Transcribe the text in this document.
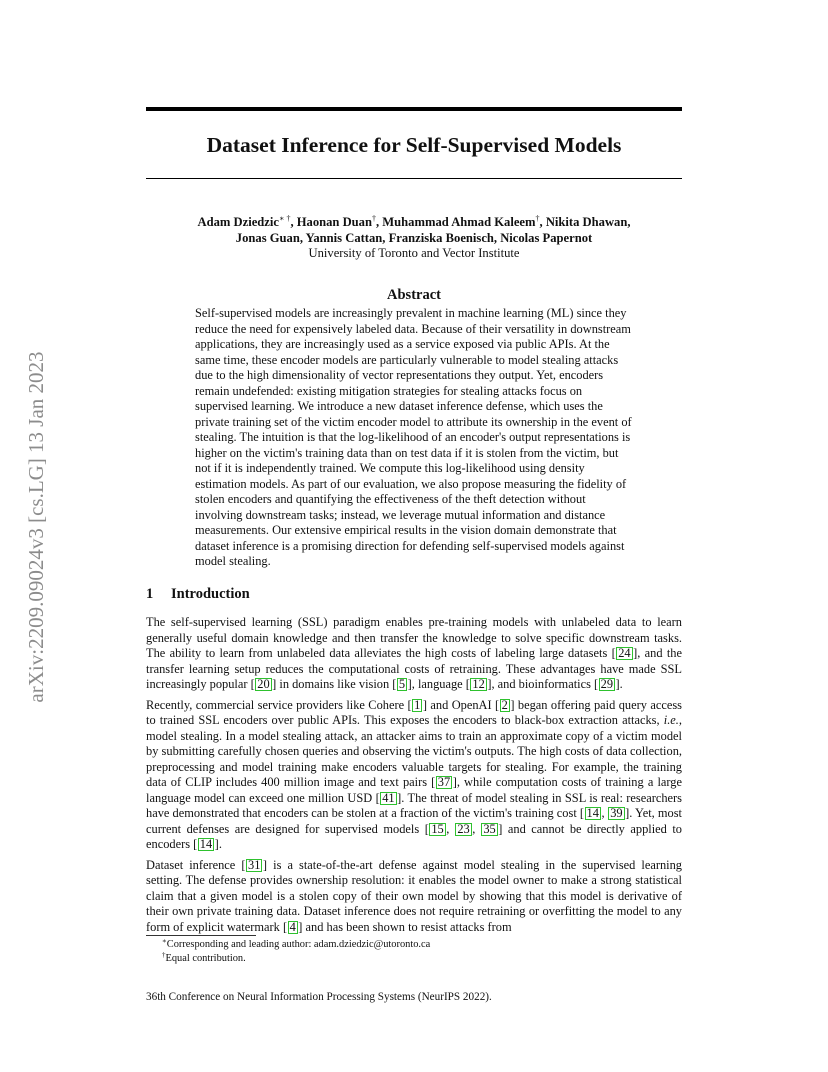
arXiv:2209.09024v3 [cs.LG] 13 Jan 2023
Dataset Inference for Self-Supervised Models
Adam Dziedzic∗ †, Haonan Duan†, Muhammad Ahmad Kaleem†, Nikita Dhawan,
Jonas Guan, Yannis Cattan, Franziska Boenisch, Nicolas Papernot
University of Toronto and Vector Institute
Abstract

Self-supervised models are increasingly prevalent in machine learning (ML) since they reduce the need for expensively labeled data. Because of their versatility in downstream applications, they are increasingly used as a service exposed via public APIs. At the same time, these encoder models are particularly vulnerable to model stealing attacks due to the high dimensionality of vector representations they output. Yet, encoders remain undefended: existing mitigation strategies for stealing attacks focus on supervised learning. We introduce a new dataset inference defense, which uses the private training set of the victim encoder model to attribute its ownership in the event of stealing. The intuition is that the log-likelihood of an encoder's output representations is higher on the victim's training data than on test data if it is stolen from the victim, but not if it is independently trained. We compute this log-likelihood using density estimation models. As part of our evaluation, we also propose measuring the fidelity of stolen encoders and quantifying the effectiveness of the theft detection without involving downstream tasks; instead, we leverage mutual information and distance measurements. Our extensive empirical results in the vision domain demonstrate that dataset inference is a promising direction for defending self-supervised models against model stealing.

1 Introduction

The self-supervised learning (SSL) paradigm enables pre-training models with unlabeled data to learn generally useful domain knowledge and then transfer the knowledge to solve specific downstream tasks. The ability to learn from unlabeled data alleviates the high costs of labeling large datasets [ 24 ], and the transfer learning setup reduces the computational costs of retraining. These advantages have made SSL increasingly popular [ 20 ] in domains like vision [ 5 ], language [ 12 ], and bioinformatics [ 29 ].

Recently, commercial service providers like Cohere [ 1 ] and OpenAI [ 2 ] began offering paid query access to trained SSL encoders over public APIs. This exposes the encoders to black-box extraction attacks, i.e., model stealing. In a model stealing attack, an attacker aims to train an approximate copy of a victim model by submitting carefully chosen queries and observing the victim's outputs. The high costs of data collection, preprocessing and model training make encoders valuable targets for stealing. For example, the training data of CLIP includes 400 million image and text pairs [ 37 ], while computation costs of training a large language model can exceed one million USD [ 41 ]. The threat of model stealing in SSL is real: researchers have demonstrated that encoders can be stolen at a fraction of the victim's training cost [ 14 , 39 ]. Yet, most current defenses are designed for supervised models [ 15 , 23 , 35 ] and cannot be directly applied to encoders [ 14 ].

Dataset inference [ 31 ] is a state-of-the-art defense against model stealing in the supervised learning setting. The defense provides ownership resolution: it enables the model owner to make a strong statistical claim that a given model is a stolen copy of their own model by showing that this model is derivative of their own private training data. Dataset inference does not require retraining or overfitting the model to any form of explicit watermark [ 4 ] and has been shown to resist attacks from

∗Corresponding and leading author: adam.dziedzic@utoronto.ca
†Equal contribution.
36th Conference on Neural Information Processing Systems (NeurIPS 2022).
